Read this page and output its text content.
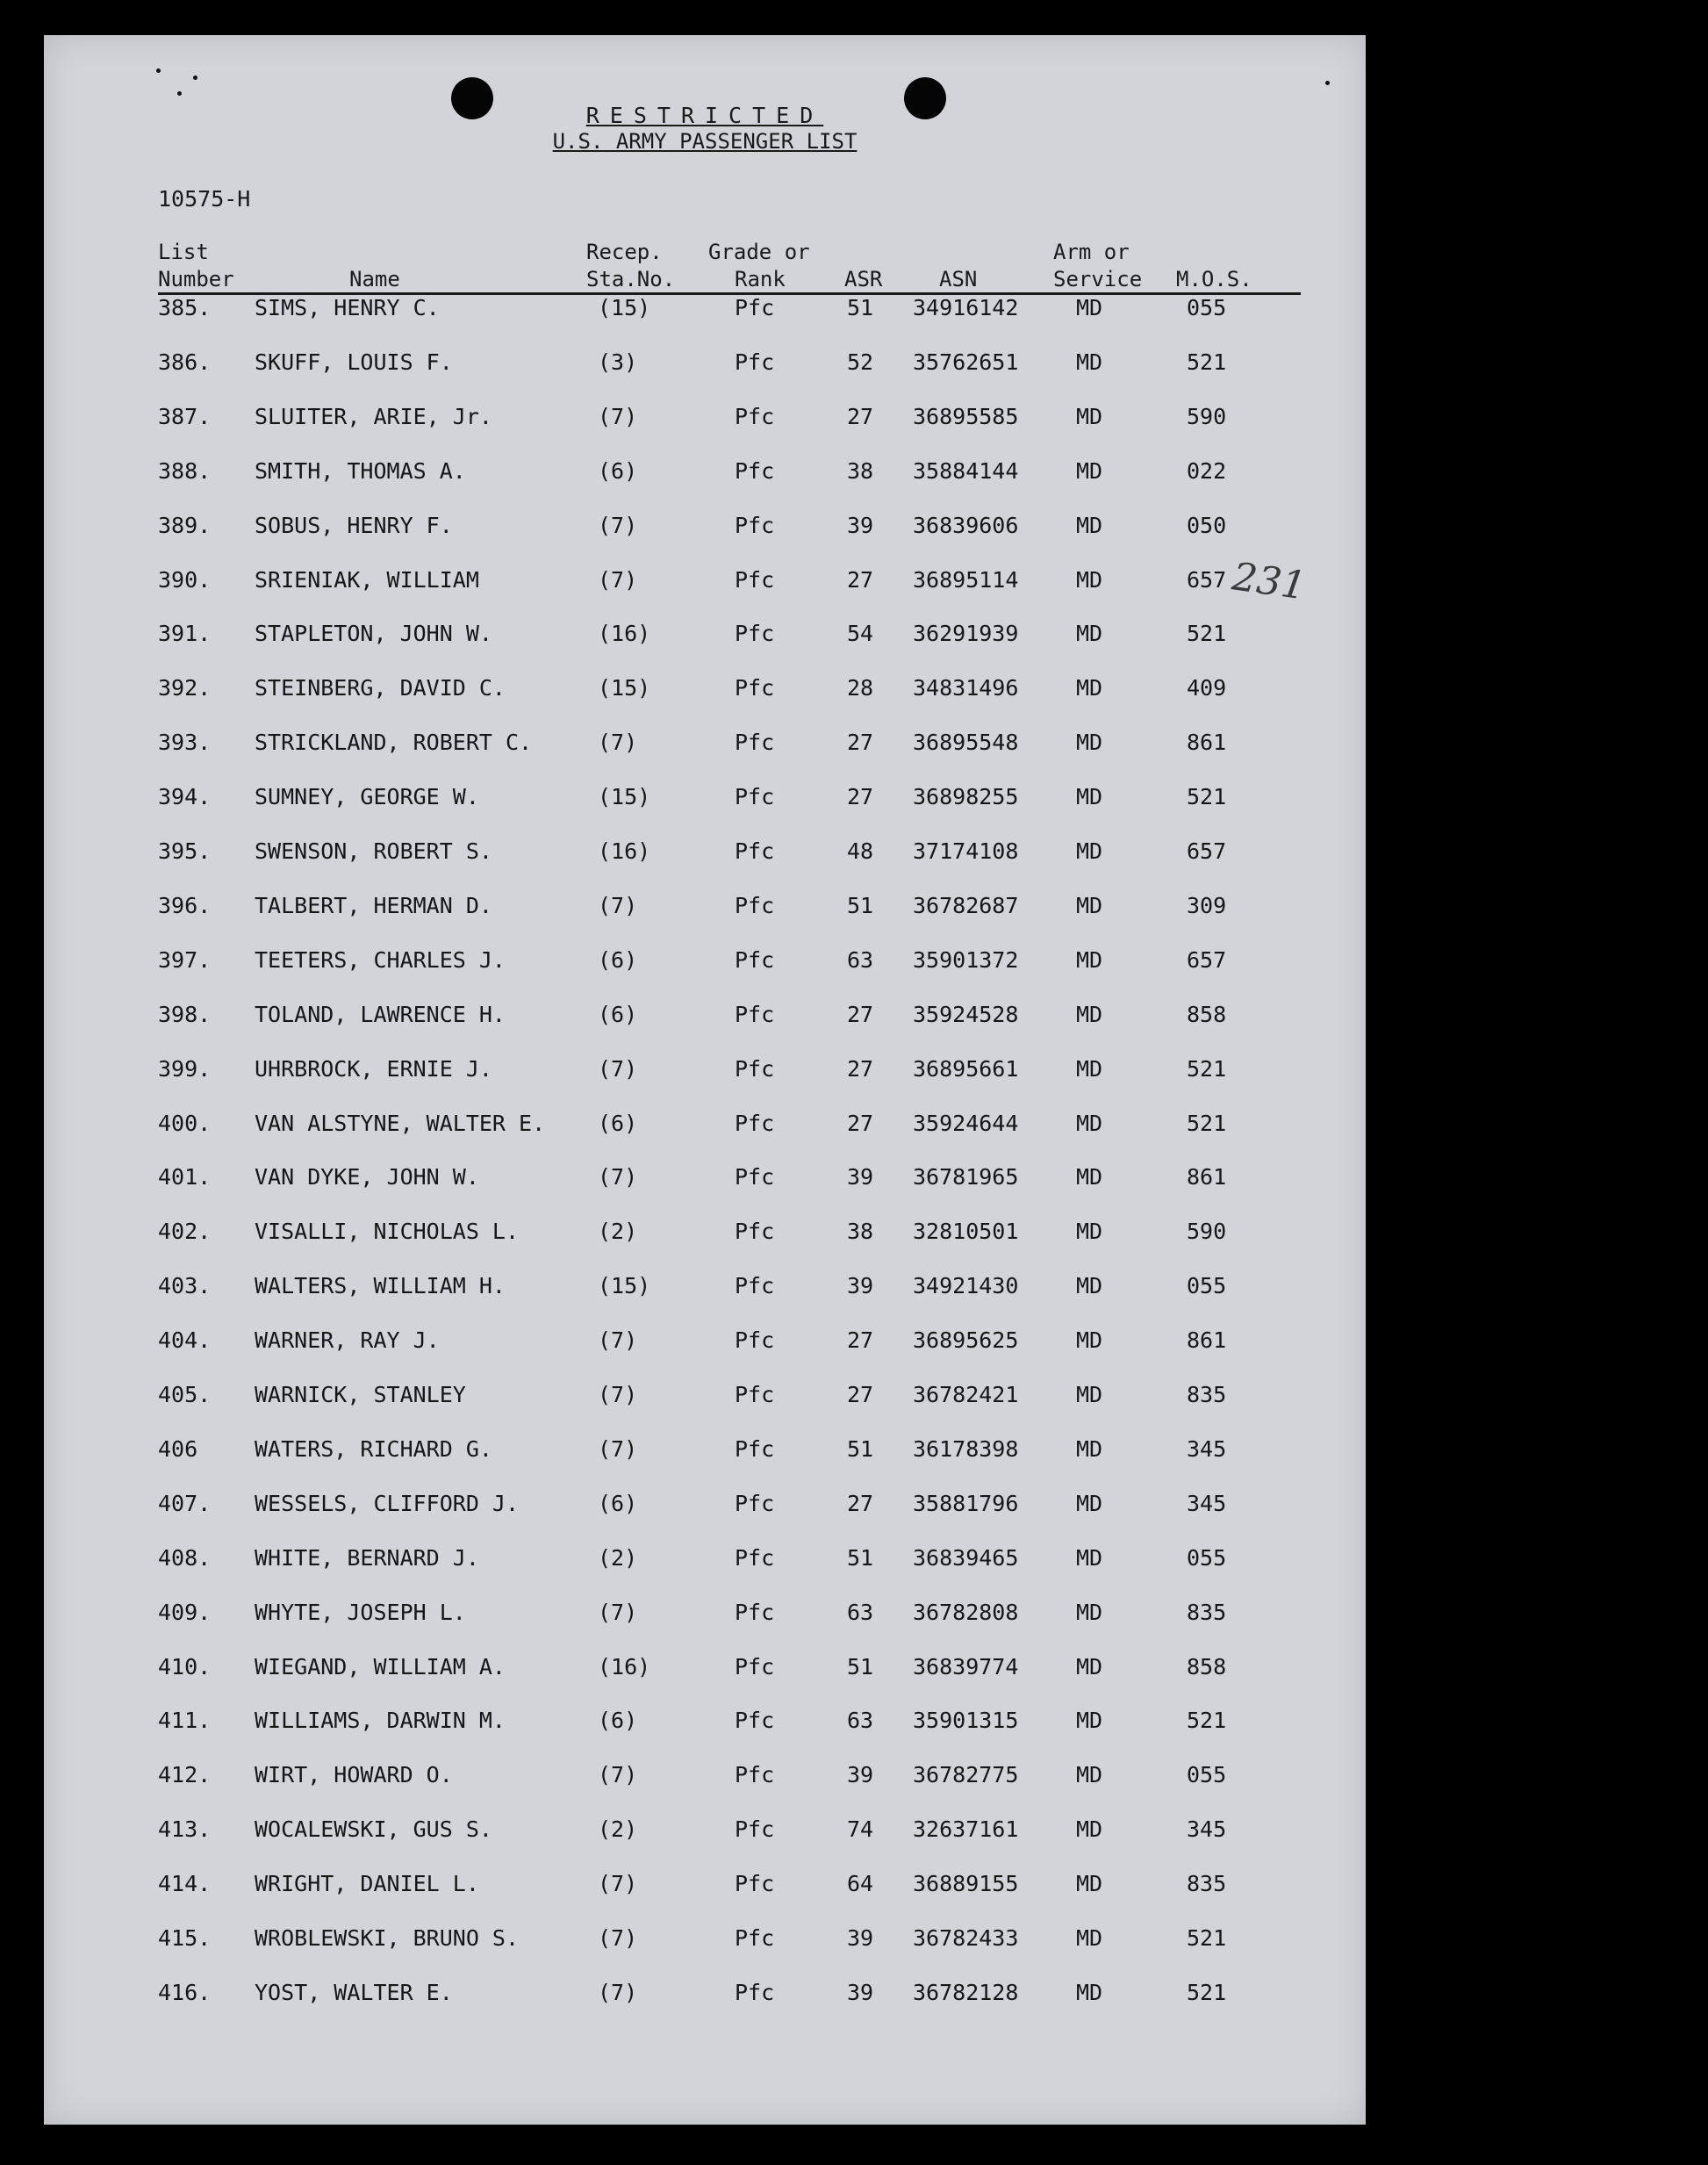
RESTRICTED
U.S. ARMY PASSENGER LIST
10575-H
List
Number	Name
Recep.
Sta.No.
Grade or
Rank	ASR	ASN
Arm or
Service M.O.S.
385. SIMS, HENRY C.	(15)	Pfc	51 34916142	MD	055
386. SKUFF, LOUIS F.	(3)	Pfc	52 35762651	MD	521
387. SLUITER, ARIE, Jr.	(7)	Pfc	27 36895585	MD	590
388. SMITH, THOMAS A.	(6)	Pfc	38 35884144	MD	022
389. SOBUS, HENRY F.	(7)	Pfc	39 36839606	MD	050
390. SRIENIAK, WILLIAM	(7)	Pfc	27 36895114	MD	657
391. STAPLETON, JOHN W.	(16)	Pfc	54 36291939	MD	521
392. STEINBERG, DAVID C.	(15)	Pfc	28 34831496	MD	409
393. STRICKLAND, ROBERT C.	(7)	Pfc	27 36895548	MD	861
394. SUMNEY, GEORGE W.	(15)	Pfc	27 36898255	MD	521
395. SWENSON, ROBERT S.	(16)	Pfc	48 37174108	MD	657
396. TALBERT, HERMAN D.	(7)	Pfc	51 36782687	MD	309
397. TEETERS, CHARLES J.	(6)	Pfc	63 35901372	MD	657
398. TOLAND, LAWRENCE H.	(6)	Pfc	27 35924528	MD	858
399. UHRBROCK, ERNIE J.	(7)	Pfc	27 36895661	MD	521
400. VAN ALSTYNE, WALTER E. (6)	Pfc	27 35924644	MD	521
401. VAN DYKE, JOHN W.	(7)	Pfc	39 36781965	MD	861
402. VISALLI, NICHOLAS L.	(2)	Pfc	38 32810501	MD	590
403. WALTERS, WILLIAM H.	(15)	Pfc	39 34921430	MD	055
404. WARNER, RAY J.	(7)	Pfc	27 36895625	MD	861
405. WARNICK, STANLEY	(7)	Pfc	27 36782421	MD	835
406	WATERS, RICHARD G.	(7)	Pfc	51 36178398	MD	345
407. WESSELS, CLIFFORD J.	(6)	Pfc	27 35881796	MD	345
408. WHITE, BERNARD J.	(2)	Pfc	51 36839465	MD	055
409. WHYTE, JOSEPH L.	(7)	Pfc	63 36782808	MD	835
410. WIEGAND, WILLIAM A.	(16)	Pfc	51 36839774	MD	858
411. WILLIAMS, DARWIN M.	(6)	Pfc	63 35901315	MD	521
412. WIRT, HOWARD O.	(7)	Pfc	39 36782775	MD	055
413. WOCALEWSKI, GUS S.	(2)	Pfc	74 32637161	MD	345
414. WRIGHT, DANIEL L.	(7)	Pfc	64 36889155	MD	835
415. WROBLEWSKI, BRUNO S.	(7)	Pfc	39 36782433	MD	521
416. YOST, WALTER E.	(7)	Pfc	39 36782128	MD	521
231
